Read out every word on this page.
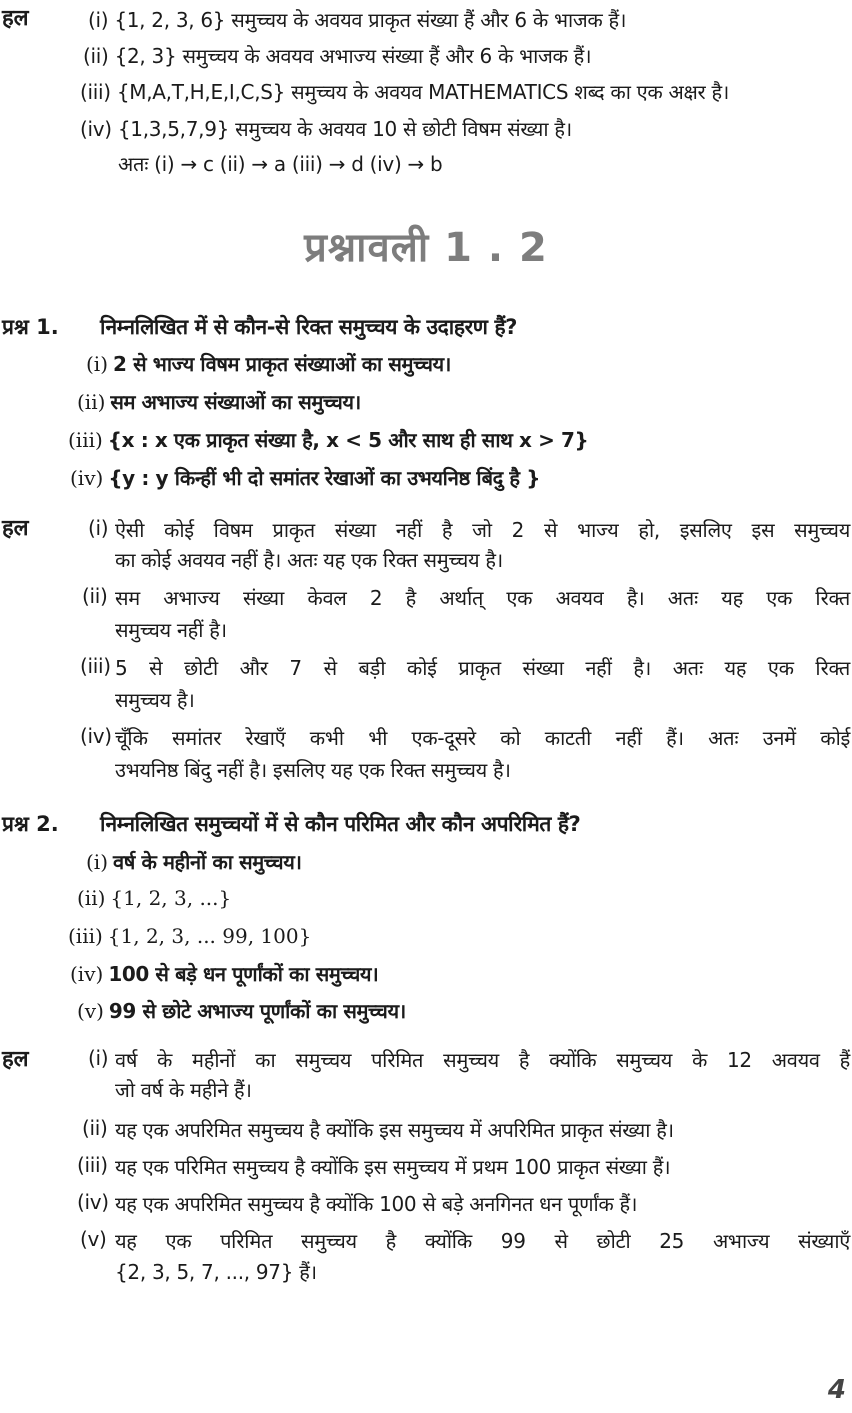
हल	(i) {1, 2, 3, 6} समुच्चय के अवयव प्राकृत संख्या हैं और 6 के भाजक हैं।
(ii) {2, 3} समुच्चय के अवयव अभाज्य संख्या हैं और 6 के भाजक हैं।
(iii) {M,A,T,H,E,I,C,S} समुच्चय के अवयव MATHEMATICS शब्द का एक अक्षर है।
(iv) {1,3,5,7,9} समुच्चय के अवयव 10 से छोटी विषम संख्या है।
अतः (i) → c (ii) → a (iii) → d (iv) → b
प्रश्नावली 1 . 2
प्रश्न 1. निम्नलिखित में से कौन-से रिक्त समुच्चय के उदाहरण हैं?
(i) 2 से भाज्य विषम प्राकृत संख्याओं का समुच्चय।
(ii) सम अभाज्य संख्याओं का समुच्चय।
(iii) {x : x एक प्राकृत संख्या है, x < 5 और साथ ही साथ x > 7}
(iv) {y : y किन्हीं भी दो समांतर रेखाओं का उभयनिष्ठ बिंदु है }
हल	(i) ऐसी कोई विषम प्राकृत संख्या नहीं है जो 2 से भाज्य हो, इसलिए इस समुच्चय
का कोई अवयव नहीं है। अतः यह एक रिक्त समुच्चय है।
(ii) सम अभाज्य संख्या केवल 2 है अर्थात् एक अवयव है। अतः यह एक रिक्त
समुच्चय नहीं है।
(iii) 5 से छोटी और 7 से बड़ी कोई प्राकृत संख्या नहीं है। अतः यह एक रिक्त
समुच्चय है।
(iv) चूँकि समांतर रेखाएँ कभी भी एक-दूसरे को काटती नहीं हैं। अतः उनमें कोई
उभयनिष्ठ बिंदु नहीं है। इसलिए यह एक रिक्त समुच्चय है।
प्रश्न 2. निम्नलिखित समुच्चयों में से कौन परिमित और कौन अपरिमित हैं?
(i) वर्ष के महीनों का समुच्चय।
(ii) {1, 2, 3, ...}
(iii) {1, 2, 3, ... 99, 100}
(iv) 100 से बड़े धन पूर्णांकों का समुच्चय।
(v) 99 से छोटे अभाज्य पूर्णांकों का समुच्चय।
हल	(i) वर्ष के महीनों का समुच्चय परिमित समुच्चय है क्योंकि समुच्चय के 12 अवयव हैं
जो वर्ष के महीने हैं।
(ii) यह एक अपरिमित समुच्चय है क्योंकि इस समुच्चय में अपरिमित प्राकृत संख्या है।
(iii) यह एक परिमित समुच्चय है क्योंकि इस समुच्चय में प्रथम 100 प्राकृत संख्या हैं।
(iv) यह एक अपरिमित समुच्चय है क्योंकि 100 से बड़े अनगिनत धन पूर्णांक हैं।
(v) यह एक परिमित समुच्चय है क्योंकि 99 से छोटी 25 अभाज्य संख्याएँ
{2, 3, 5, 7, ..., 97} हैं।
4
